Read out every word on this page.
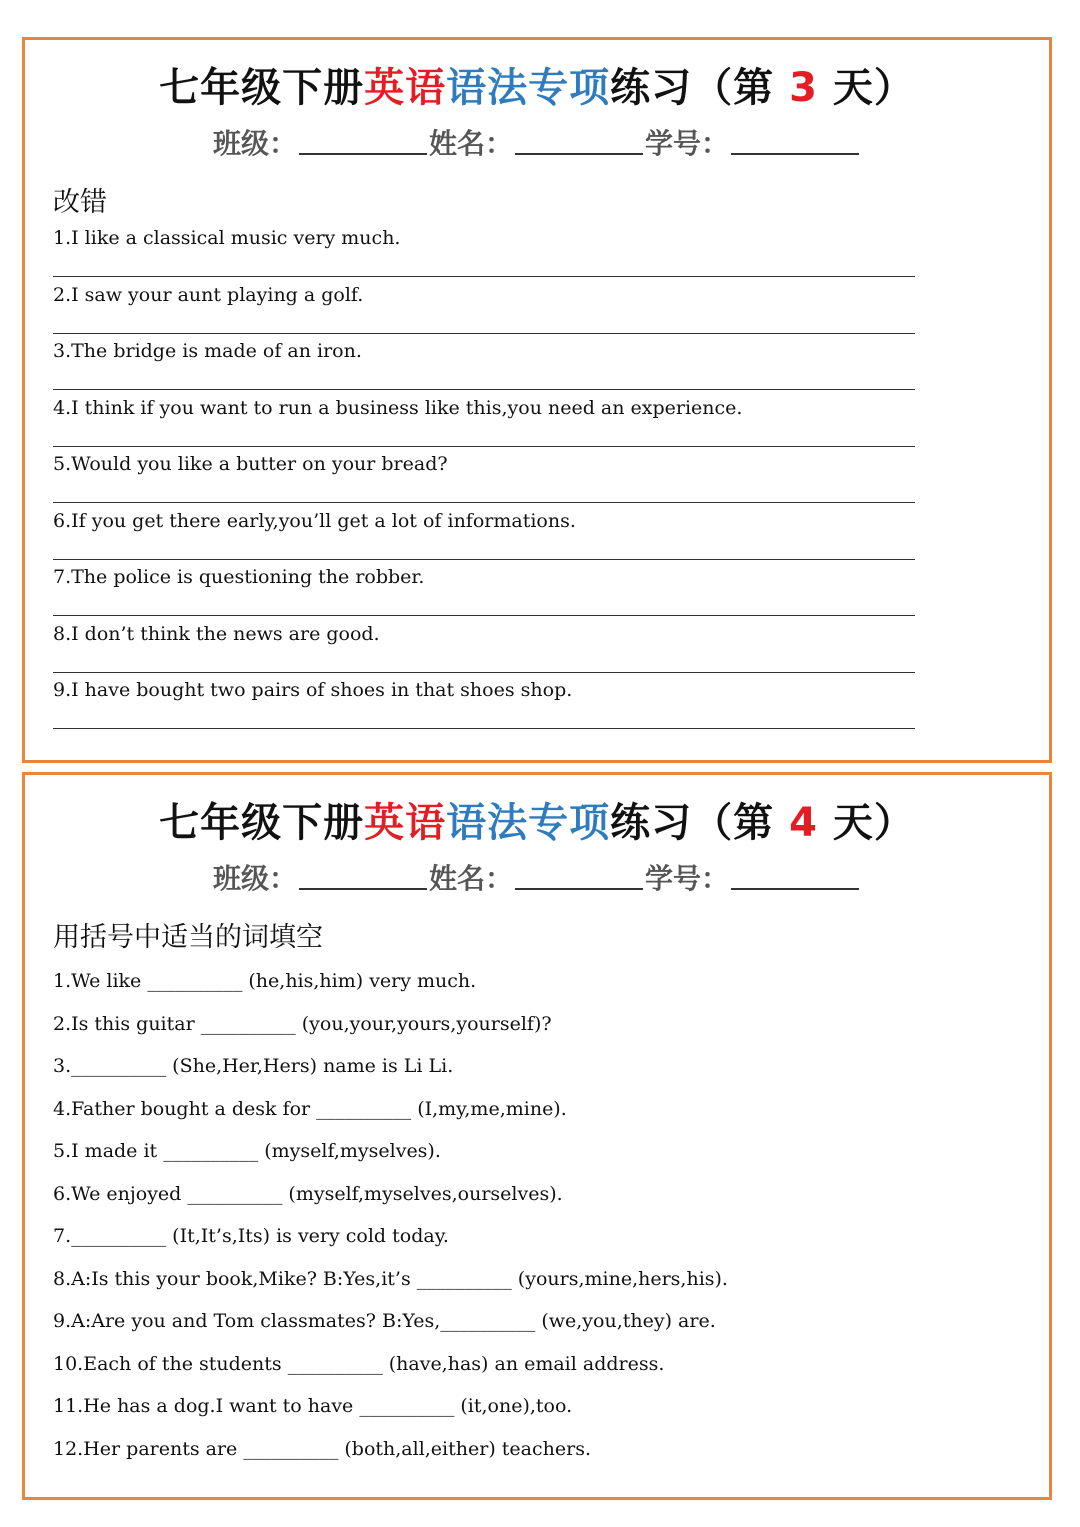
七年级下册英语语法专项练习（第 3 天）
班级：	姓名：	学号：
改错
1.I like a classical music very much.
2.I saw your aunt playing a golf.
3.The bridge is made of an iron.
4.I think if you want to run a business like this,you need an experience.
5.Would you like a butter on your bread?
6.If you get there early,you’ll get a lot of informations.
7.The police is questioning the robber.
8.I don’t think the news are good.
9.I have bought two pairs of shoes in that shoes shop.
七年级下册英语语法专项练习（第 4 天）
班级：	姓名：	学号：
用括号中适当的词填空
1.We like __________ (he,his,him) very much.
2.Is this guitar __________ (you,your,yours,yourself)?
3.__________ (She,Her,Hers) name is Li Li.
4.Father bought a desk for __________ (I,my,me,mine).
5.I made it __________ (myself,myselves).
6.We enjoyed __________ (myself,myselves,ourselves).
7.__________ (It,It’s,Its) is very cold today.
8.A:Is this your book,Mike? B:Yes,it’s __________ (yours,mine,hers,his).
9.A:Are you and Tom classmates? B:Yes,__________ (we,you,they) are.
10.Each of the students __________ (have,has) an email address.
11.He has a dog.I want to have __________ (it,one),too.
12.Her parents are __________ (both,all,either) teachers.
